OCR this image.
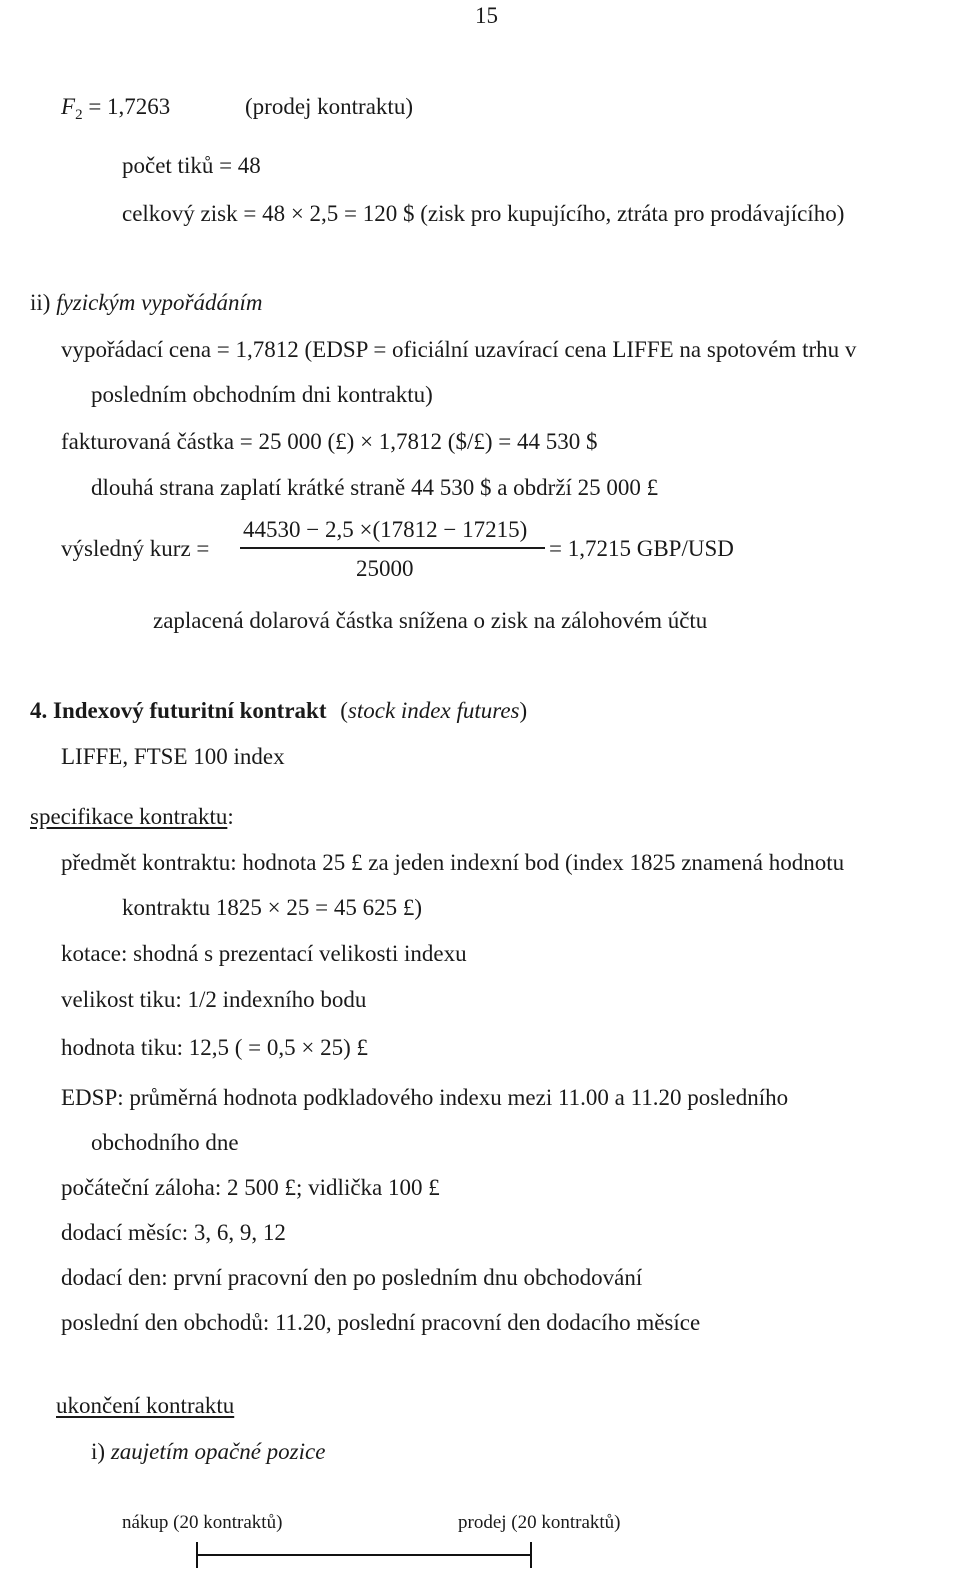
15
$F_2 = 1,7263$	(prodej kontraktu)
počet tiků = 48
celkový zisk = 48 × 2,5 = 120 $ (zisk pro kupujícího, ztráta pro prodávajícího)
ii) fyzickým vypořádáním
vypořádací cena = 1,7812 (EDSP = oficiální uzavírací cena LIFFE na spotovém trhu v
posledním obchodním dni kontraktu)
fakturovaná částka = 25 000 (£) × 1,7812 ($/£) = 44 530 $
dlouhá strana zaplatí krátké straně 44 530 $ a obdrží 25 000 £
výsledný kurz =
44530 − 2,5 ×(17812 − 17215)
25000
= 1,7215 GBP/USD
zaplacená dolarová částka snížena o zisk na zálohovém účtu
4. Indexový futuritní kontrakt (stock index futures)
LIFFE, FTSE 100 index
specifikace kontraktu:
předmět kontraktu: hodnota 25 £ za jeden indexní bod (index 1825 znamená hodnotu
kontraktu 1825 × 25 = 45 625 £)
kotace: shodná s prezentací velikosti indexu
velikost tiku: 1/2 indexního bodu
hodnota tiku: 12,5 ( = 0,5 × 25) £
EDSP: průměrná hodnota podkladového indexu mezi 11.00 a 11.20 posledního
obchodního dne
počáteční záloha: 2 500 £; vidlička 100 £
dodací měsíc: 3, 6, 9, 12
dodací den: první pracovní den po posledním dnu obchodování
poslední den obchodů: 11.20, poslední pracovní den dodacího měsíce
ukončení kontraktu
i) zaujetím opačné pozice
nákup (20 kontraktů)	prodej (20 kontraktů)
